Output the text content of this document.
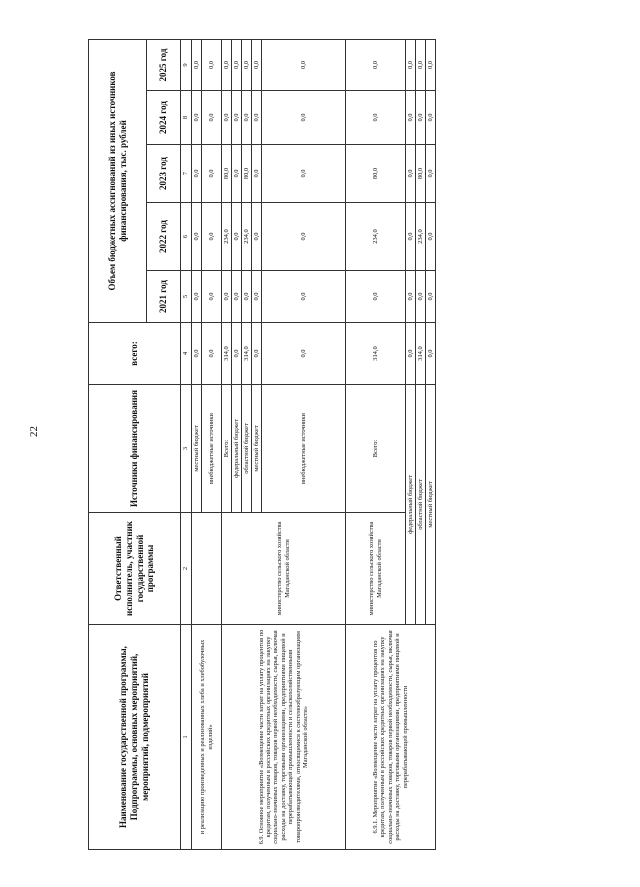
22
Наименование государственной программы, Подпрограммы, основных мероприятий, мероприятий, подмероприятий	Ответственный исполнитель, участник государственной программы	Источники финансирования	всего:	Объем бюджетных ассигнований из иных источников финансирования, тыс. рублей				
				2021 год	2022 год	2023 год	2024 год	2025 год
1	2	3	4	5	6	7	8	9
и реализацию произведенных и реализованных хлеба и хлебобулочных изделий»		местный бюджет	0,0	0,0	0,0	0,0	0,0	0,0
		внебюджетные источники	0,0	0,0	0,0	0,0	0,0	0,0
6.9. Основное мероприятие «Возмещение части затрат на уплату процентов по кредитам, полученным в российских кредитных организациях на закупку социально-значимых товаров, товаров первой необходимости, сырья, включая расходы на доставку, торговыми организациями, предприятиями пищевой и перерабатывающей промышленности и сельскохозяйственными товаропроизводителями, относящимися к системообразующим организациям Магаданской области»	министерство сельского хозяйства Магаданской области	Всего:	314,0	0,0	234,0	80,0	0,0	0,0
		федеральный бюджет	0,0	0,0	0,0	0,0	0,0	0,0
		областной бюджет	314,0	0,0	234,0	80,0	0,0	0,0
		местный бюджет	0,0	0,0	0,0	0,0	0,0	0,0
		внебюджетные источники	0,0	0,0	0,0	0,0	0,0	0,0
6.9.1. Мероприятие «Возмещение части затрат на уплату процентов по кредитам, полученным в российских кредитных организациях на закупку социально-значимых товаров, товаров первой необходимости, сырья, включая расходы на доставку, торговыми организациями, предприятиями пищевой и перерабатывающей промышленности	министерство сельского хозяйства Магаданской области	Всего:	314,0	0,0	234,0	80,0	0,0	0,0
	федеральный бюджет		0,0	0,0	0,0	0,0	0,0	0,0
	областной бюджет		314,0	0,0	234,0	80,0	0,0	0,0
	местный бюджет		0,0	0,0	0,0	0,0	0,0	0,0
